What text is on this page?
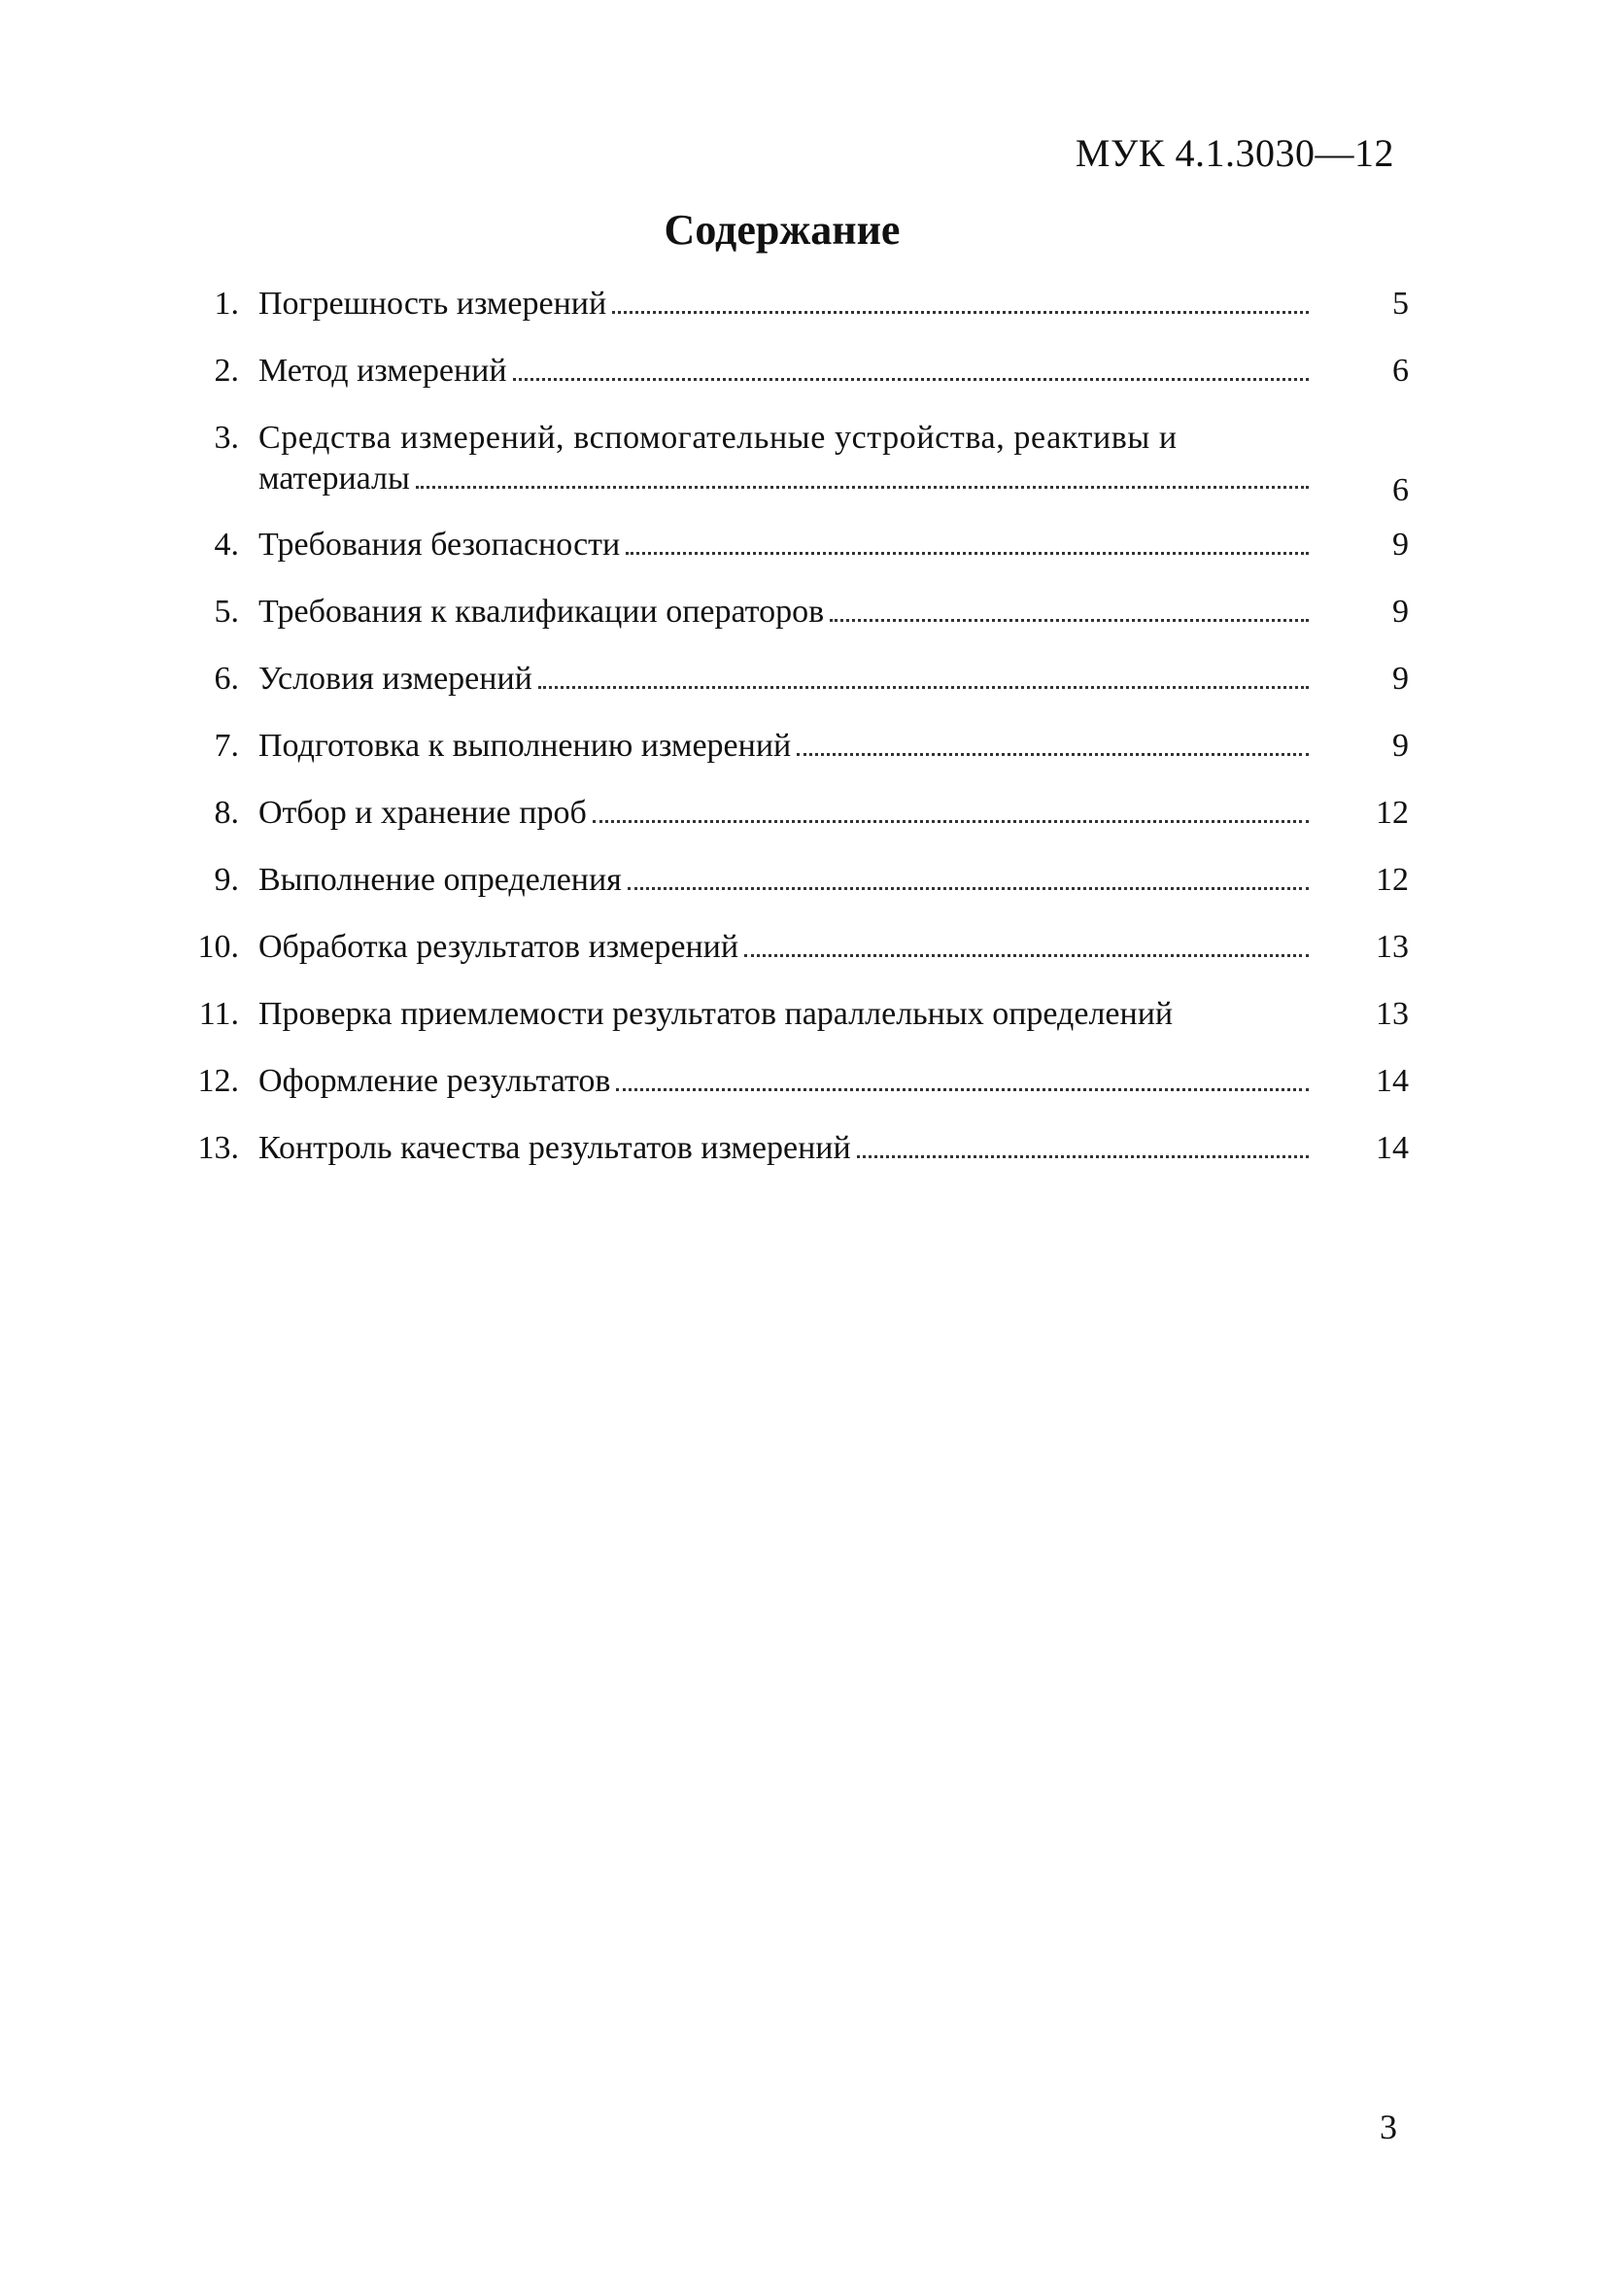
МУК 4.1.3030—12
Содержание
1. Погрешность измерений	5
2. Метод измерений	6
3. Средства измерений, вспомогательные устройства, реактивы и
материалы	6
4. Требования безопасности	9
5. Требования к квалификации операторов	9
6. Условия измерений	9
7. Подготовка к выполнению измерений	9
8. Отбор и хранение проб	12
9. Выполнение определения	12
10. Обработка результатов измерений	13
11. Проверка приемлемости результатов параллельных определений	13
12. Оформление результатов	14
13. Контроль качества результатов измерений	14
3
